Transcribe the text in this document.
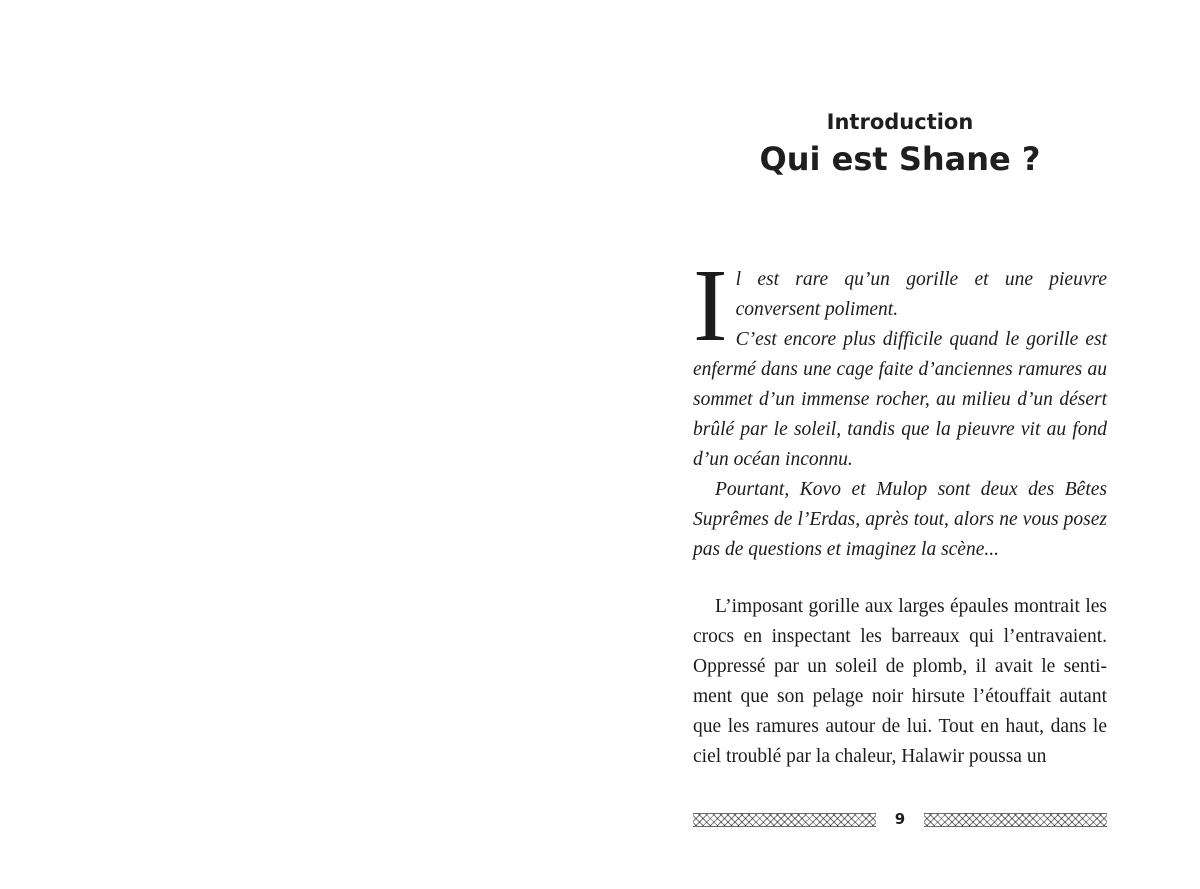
Introduction
Qui est Shane ?

Il est rare qu’un gorille et une pieuvre conversent poliment.

C’est encore plus difficile quand le gorille est enfermé dans une cage faite d’anciennes ramures au sommet d’un immense rocher, au milieu d’un désert brûlé par le soleil, tandis que la pieuvre vit au fond d’un océan inconnu.

Pourtant, Kovo et Mulop sont deux des Bêtes Suprêmes de l’Erdas, après tout, alors ne vous posez pas de questions et imaginez la scène...

L’imposant gorille aux larges épaules montrait les crocs en inspectant les barreaux qui l’entravaient. Oppressé par un soleil de plomb, il avait le sentiment que son pelage noir hirsute l’étouffait autant que les ramures autour de lui. Tout en haut, dans le ciel troublé par la chaleur, Halawir poussa un

9
